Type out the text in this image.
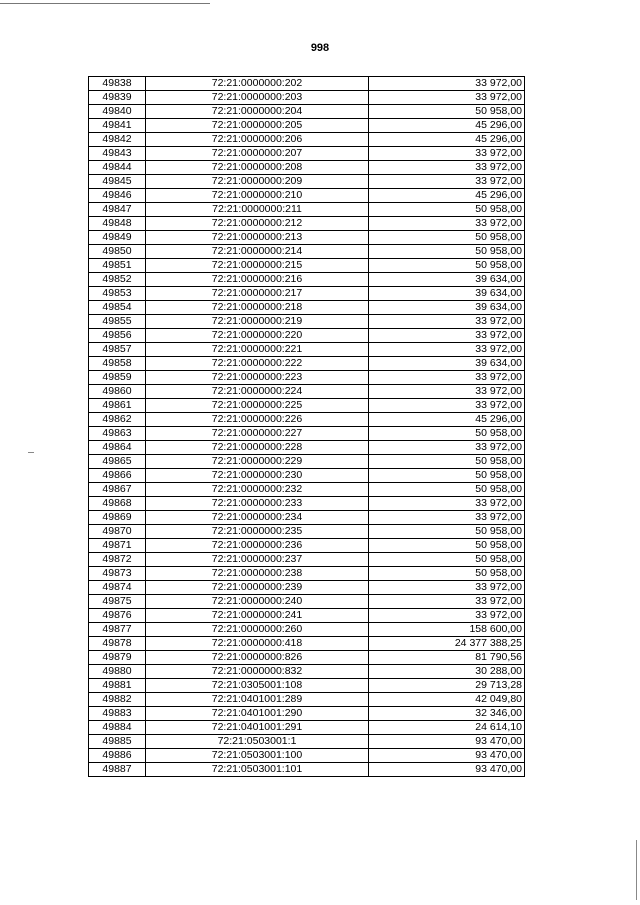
998
49838	72:21:0000000:202	33 972,00
49839	72:21:0000000:203	33 972,00
49840	72:21:0000000:204	50 958,00
49841	72:21:0000000:205	45 296,00
49842	72:21:0000000:206	45 296,00
49843	72:21:0000000:207	33 972,00
49844	72:21:0000000:208	33 972,00
49845	72:21:0000000:209	33 972,00
49846	72:21:0000000:210	45 296,00
49847	72:21:0000000:211	50 958,00
49848	72:21:0000000:212	33 972,00
49849	72:21:0000000:213	50 958,00
49850	72:21:0000000:214	50 958,00
49851	72:21:0000000:215	50 958,00
49852	72:21:0000000:216	39 634,00
49853	72:21:0000000:217	39 634,00
49854	72:21:0000000:218	39 634,00
49855	72:21:0000000:219	33 972,00
49856	72:21:0000000:220	33 972,00
49857	72:21:0000000:221	33 972,00
49858	72:21:0000000:222	39 634,00
49859	72:21:0000000:223	33 972,00
49860	72:21:0000000:224	33 972,00
49861	72:21:0000000:225	33 972,00
49862	72:21:0000000:226	45 296,00
49863	72:21:0000000:227	50 958,00
49864	72:21:0000000:228	33 972,00
49865	72:21:0000000:229	50 958,00
49866	72:21:0000000:230	50 958,00
49867	72:21:0000000:232	50 958,00
49868	72:21:0000000:233	33 972,00
49869	72:21:0000000:234	33 972,00
49870	72:21:0000000:235	50 958,00
49871	72:21:0000000:236	50 958,00
49872	72:21:0000000:237	50 958,00
49873	72:21:0000000:238	50 958,00
49874	72:21:0000000:239	33 972,00
49875	72:21:0000000:240	33 972,00
49876	72:21:0000000:241	33 972,00
49877	72:21:0000000:260	158 600,00
49878	72:21:0000000:418	24 377 388,25
49879	72:21:0000000:826	81 790,56
49880	72:21:0000000:832	30 288,00
49881	72:21:0305001:108	29 713,28
49882	72:21:0401001:289	42 049,80
49883	72:21:0401001:290	32 346,00
49884	72:21:0401001:291	24 614,10
49885	72:21:0503001:1	93 470,00
49886	72:21:0503001:100	93 470,00
49887	72:21:0503001:101	93 470,00
